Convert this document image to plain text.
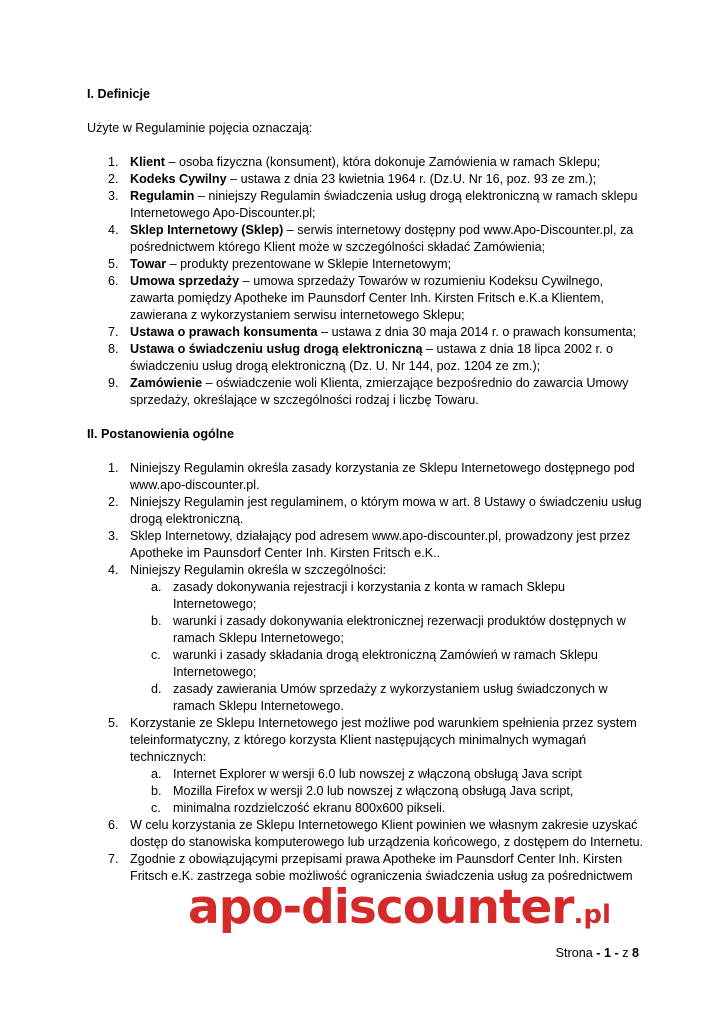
I. Definicje

Użyte w Regulaminie pojęcia oznaczają:

1. Klient – osoba fizyczna (konsument), która dokonuje Zamówienia w ramach Sklepu;
2. Kodeks Cywilny – ustawa z dnia 23 kwietnia 1964 r. (Dz.U. Nr 16, poz. 93 ze zm.);
3. Regulamin – niniejszy Regulamin świadczenia usług drogą elektroniczną w ramach sklepu Internetowego Apo-Discounter.pl;
4. Sklep Internetowy (Sklep) – serwis internetowy dostępny pod www.Apo-Discounter.pl, za pośrednictwem którego Klient może w szczególności składać Zamówienia;
5. Towar – produkty prezentowane w Sklepie Internetowym;
6. Umowa sprzedaży – umowa sprzedaży Towarów w rozumieniu Kodeksu Cywilnego, zawarta pomiędzy Apotheke im Paunsdorf Center Inh. Kirsten Fritsch e.K.a Klientem, zawierana z wykorzystaniem serwisu internetowego Sklepu;
7. Ustawa o prawach konsumenta – ustawa z dnia 30 maja 2014 r. o prawach konsumenta;
8. Ustawa o świadczeniu usług drogą elektroniczną – ustawa z dnia 18 lipca 2002 r. o świadczeniu usług drogą elektroniczną (Dz. U. Nr 144, poz. 1204 ze zm.);
9. Zamówienie – oświadczenie woli Klienta, zmierzające bezpośrednio do zawarcia Umowy sprzedaży, określające w szczególności rodzaj i liczbę Towaru.

II. Postanowienia ogólne

1. Niniejszy Regulamin określa zasady korzystania ze Sklepu Internetowego dostępnego pod www.apo-discounter.pl.
2. Niniejszy Regulamin jest regulaminem, o którym mowa w art. 8 Ustawy o świadczeniu usług drogą elektroniczną.
3. Sklep Internetowy, działający pod adresem www.apo-discounter.pl, prowadzony jest przez Apotheke im Paunsdorf Center Inh. Kirsten Fritsch e.K..
4. Niniejszy Regulamin określa w szczególności:
a. zasady dokonywania rejestracji i korzystania z konta w ramach Sklepu Internetowego;
b. warunki i zasady dokonywania elektronicznej rezerwacji produktów dostępnych w ramach Sklepu Internetowego;
c. warunki i zasady składania drogą elektroniczną Zamówień w ramach Sklepu Internetowego;
d. zasady zawierania Umów sprzedaży z wykorzystaniem usług świadczonych w ramach Sklepu Internetowego.
5. Korzystanie ze Sklepu Internetowego jest możliwe pod warunkiem spełnienia przez system teleinformatyczny, z którego korzysta Klient następujących minimalnych wymagań technicznych:
a. Internet Explorer w wersji 6.0 lub nowszej z włączoną obsługą Java script
b. Mozilla Firefox w wersji 2.0 lub nowszej z włączoną obsługą Java script,
c. minimalna rozdzielczość ekranu 800x600 pikseli.
6. W celu korzystania ze Sklepu Internetowego Klient powinien we własnym zakresie uzyskać dostęp do stanowiska komputerowego lub urządzenia końcowego, z dostępem do Internetu.
7. Zgodnie z obowiązującymi przepisami prawa Apotheke im Paunsdorf Center Inh. Kirsten Fritsch e.K. zastrzega sobie możliwość ograniczenia świadczenia usług za pośrednictwem
apo-discounter.pl
Strona - 1 - z 8
